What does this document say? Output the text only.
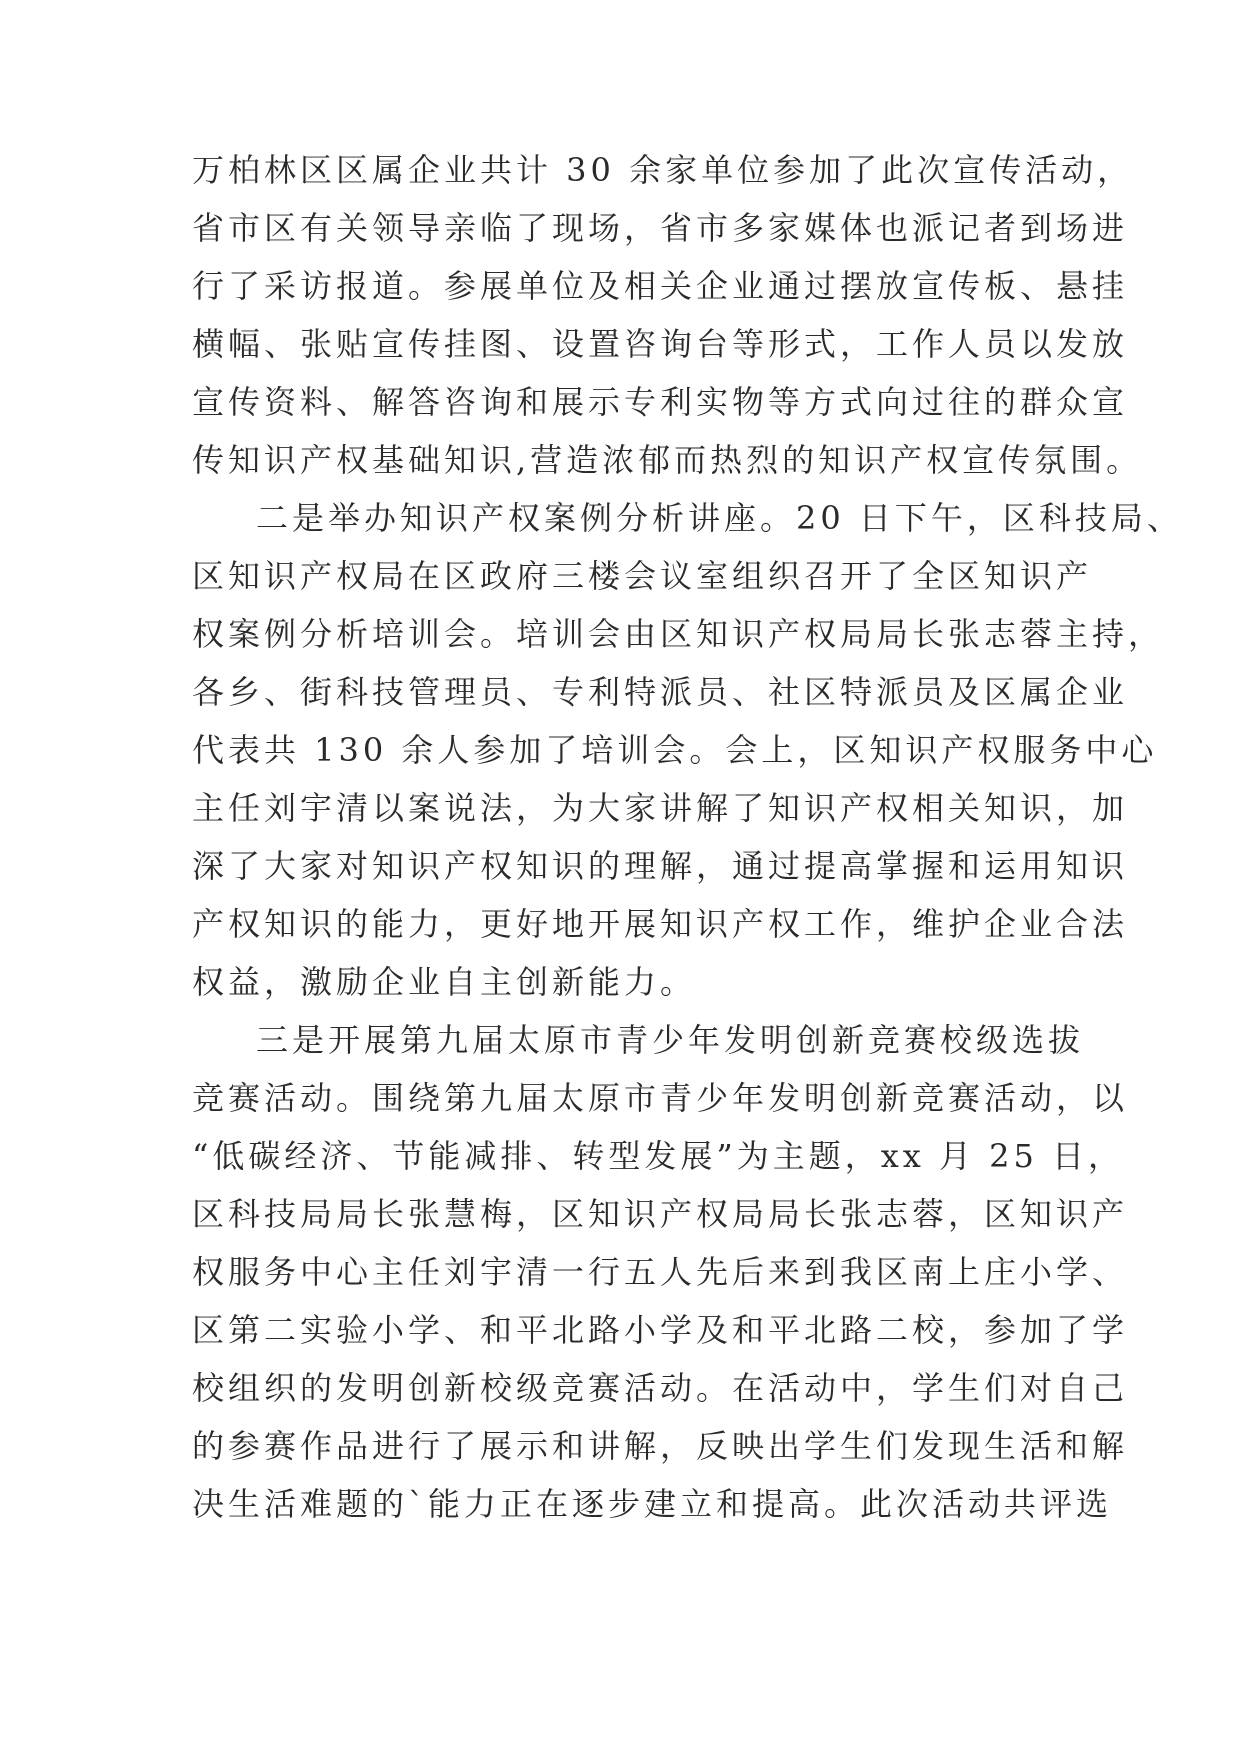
万柏林区区属企业共计 30 余家单位参加了此次宣传活动，
省市区有关领导亲临了现场，省市多家媒体也派记者到场进
行了采访报道。参展单位及相关企业通过摆放宣传板、悬挂
横幅、张贴宣传挂图、设置咨询台等形式，工作人员以发放
宣传资料、解答咨询和展示专利实物等方式向过往的群众宣
传知识产权基础知识,营造浓郁而热烈的知识产权宣传氛围。
二是举办知识产权案例分析讲座。20 日下午，区科技局、
区知识产权局在区政府三楼会议室组织召开了全区知识产
权案例分析培训会。培训会由区知识产权局局长张志蓉主持，
各乡、街科技管理员、专利特派员、社区特派员及区属企业
代表共 130 余人参加了培训会。会上，区知识产权服务中心
主任刘宇清以案说法，为大家讲解了知识产权相关知识，加
深了大家对知识产权知识的理解，通过提高掌握和运用知识
产权知识的能力，更好地开展知识产权工作，维护企业合法
权益，激励企业自主创新能力。
三是开展第九届太原市青少年发明创新竞赛校级选拔
竞赛活动。围绕第九届太原市青少年发明创新竞赛活动，以
“低碳经济、节能减排、转型发展”为主题，xx 月 25 日，
区科技局局长张慧梅，区知识产权局局长张志蓉，区知识产
权服务中心主任刘宇清一行五人先后来到我区南上庄小学、
区第二实验小学、和平北路小学及和平北路二校，参加了学
校组织的发明创新校级竞赛活动。在活动中，学生们对自己
的参赛作品进行了展示和讲解，反映出学生们发现生活和解
决生活难题的`能力正在逐步建立和提高。此次活动共评选
